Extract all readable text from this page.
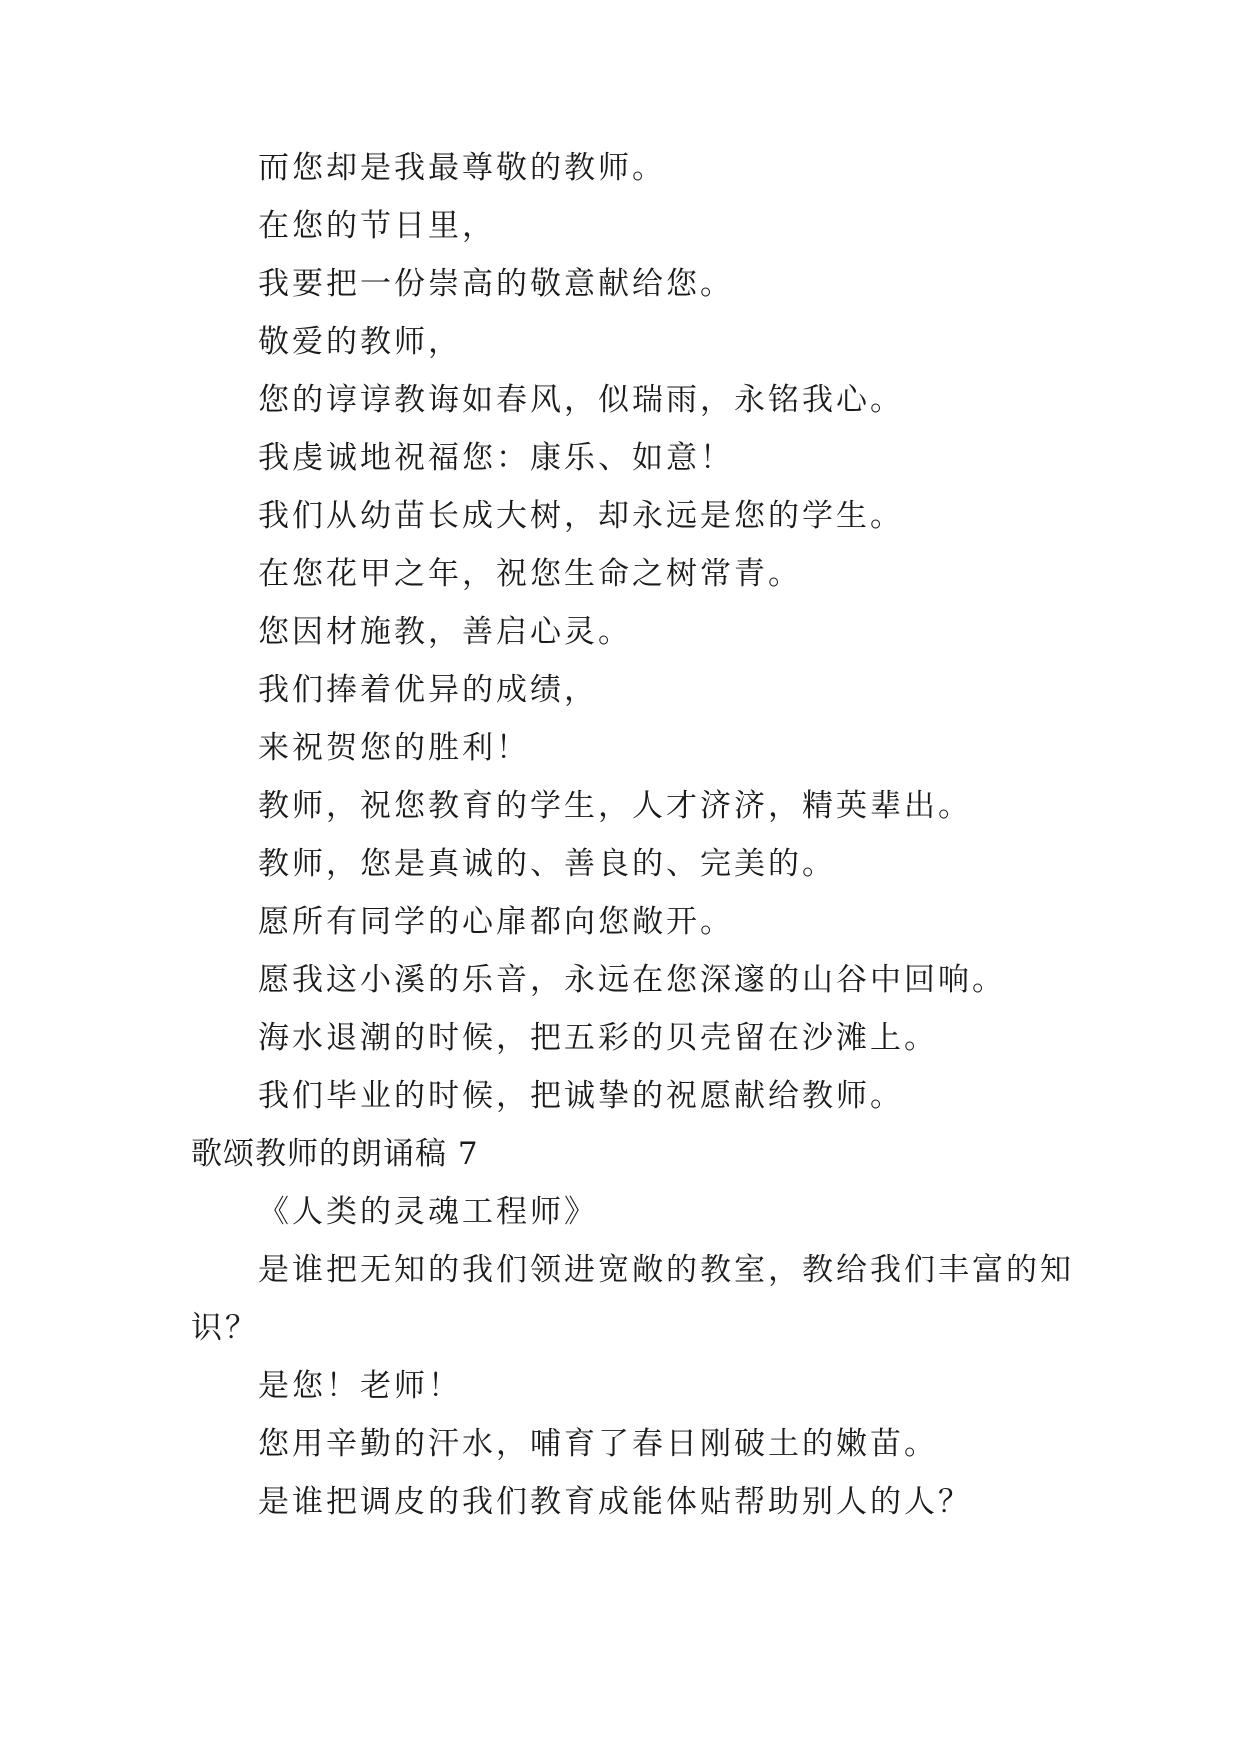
而您却是我最尊敬的教师。
在您的节日里，
我要把一份崇高的敬意献给您。
敬爱的教师，
您的谆谆教诲如春风，似瑞雨，永铭我心。
我虔诚地祝福您：康乐、如意！
我们从幼苗长成大树，却永远是您的学生。
在您花甲之年，祝您生命之树常青。
您因材施教，善启心灵。
我们捧着优异的成绩，
来祝贺您的胜利！
教师，祝您教育的学生，人才济济，精英辈出。
教师，您是真诚的、善良的、完美的。
愿所有同学的心扉都向您敞开。
愿我这小溪的乐音，永远在您深邃的山谷中回响。
海水退潮的时候，把五彩的贝壳留在沙滩上。
我们毕业的时候，把诚挚的祝愿献给教师。
歌颂教师的朗诵稿 7
《人类的灵魂工程师》
是谁把无知的我们领进宽敞的教室，教给我们丰富的知
识？
是您！老师！
您用辛勤的汗水，哺育了春日刚破土的嫩苗。
是谁把调皮的我们教育成能体贴帮助别人的人？
